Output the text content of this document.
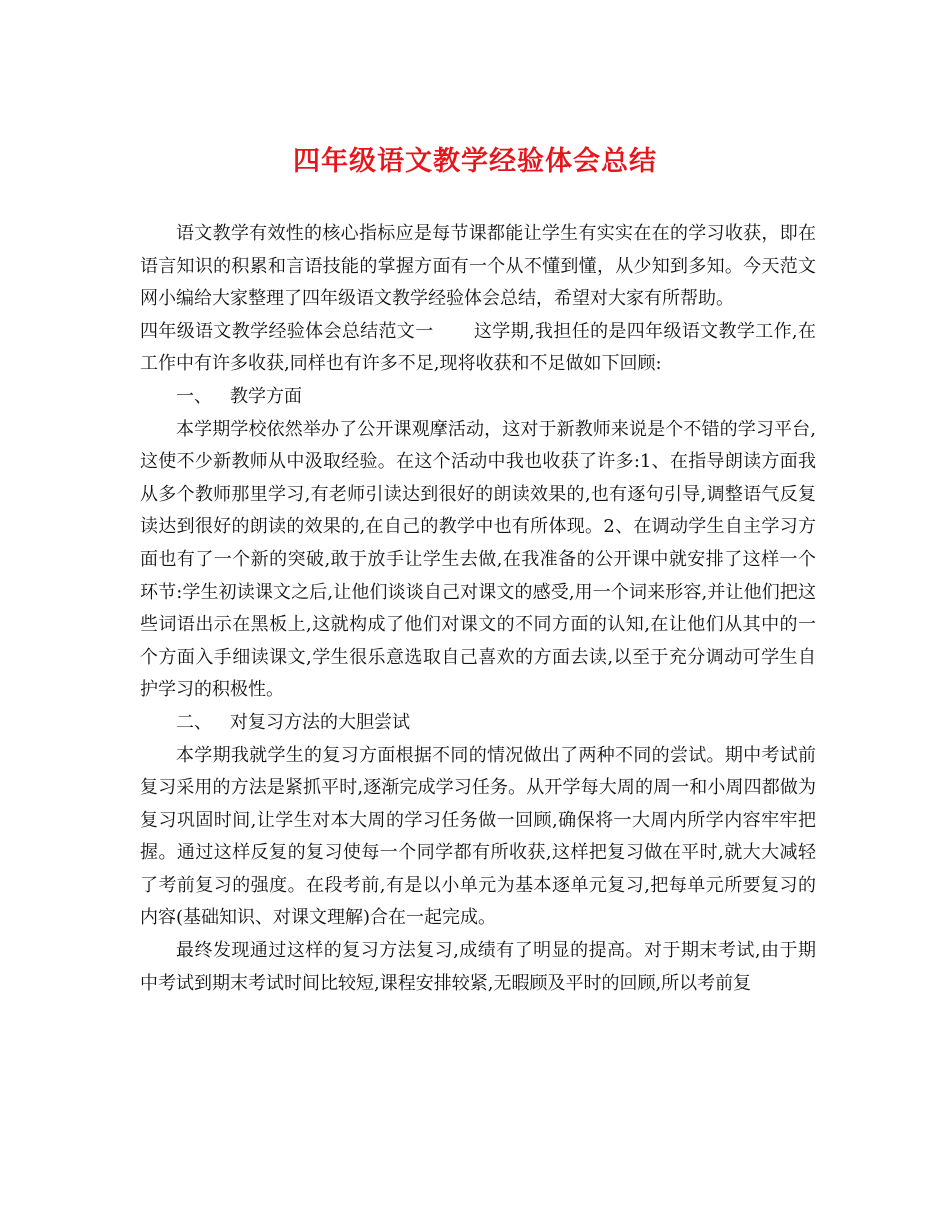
四年级语文教学经验体会总结

语文教学有效性的核心指标应是每节课都能让学生有实实在在的学习收获，即在语言知识的积累和言语技能的掌握方面有一个从不懂到懂，从少知到多知。今天范文网小编给大家整理了四年级语文教学经验体会总结，希望对大家有所帮助。

四年级语文教学经验体会总结范文一 这学期,我担任的是四年级语文教学工作,在工作中有许多收获,同样也有许多不足,现将收获和不足做如下回顾:

一、 教学方面

本学期学校依然举办了公开课观摩活动，这对于新教师来说是个不错的学习平台,这使不少新教师从中汲取经验。在这个活动中我也收获了许多:1、在指导朗读方面我从多个教师那里学习,有老师引读达到很好的朗读效果的,也有逐句引导,调整语气反复读达到很好的朗读的效果的,在自己的教学中也有所体现。2、在调动学生自主学习方面也有了一个新的突破,敢于放手让学生去做,在我准备的公开课中就安排了这样一个环节:学生初读课文之后,让他们谈谈自己对课文的感受,用一个词来形容,并让他们把这些词语出示在黑板上,这就构成了他们对课文的不同方面的认知,在让他们从其中的一个方面入手细读课文,学生很乐意选取自己喜欢的方面去读,以至于充分调动可学生自护学习的积极性。

二、 对复习方法的大胆尝试

本学期我就学生的复习方面根据不同的情况做出了两种不同的尝试。期中考试前复习采用的方法是紧抓平时,逐渐完成学习任务。从开学每大周的周一和小周四都做为复习巩固时间,让学生对本大周的学习任务做一回顾,确保将一大周内所学内容牢牢把握。通过这样反复的复习使每一个同学都有所收获,这样把复习做在平时,就大大减轻了考前复习的强度。在段考前,有是以小单元为基本逐单元复习,把每单元所要复习的内容(基础知识、对课文理解)合在一起完成。

最终发现通过这样的复习方法复习,成绩有了明显的提高。对于期末考试,由于期中考试到期末考试时间比较短,课程安排较紧,无暇顾及平时的回顾,所以考前复
